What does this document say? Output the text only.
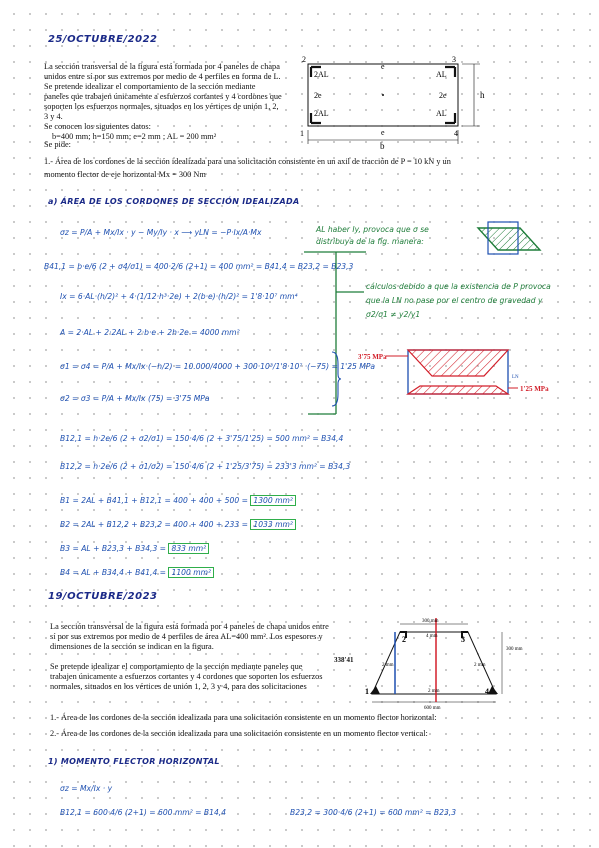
25/OCTUBRE/2022
La sección transversal de la figura está formada por 4 paneles de chapa unidos entre sí por sus extremos por medio de 4 perfiles en forma de L. Se pretende idealizar el comportamiento de la sección mediante paneles que trabajen únicamente a esfuerzos cortantes y 4 cordones que soporten los esfuerzos normales, situados en los vértices de unión 1, 2, 3 y 4.
Se conocen los siguientes datos:
b=400 mm; h=150 mm; e=2 mm ; AL = 200 mm²
Se pide:
1.- Área de los cordones de la sección idealizada para una solicitación consistente en un axil de tracción de P = 10 kN y un momento flector de eje horizontal Mx = 300 Nm
2	3
1	4
e
e
2e	2e
2AL	AL
2AL	AL
h
b
a) ÁREA DE LOS CORDONES DE SECCIÓN IDEALIZADA
σz = P/A + Mx/Ix · y − My/Iy · x ⟶ yLN = −P·Ix/A·Mx	AL haber Iy, provoca que σ se distribuya de la fig. manera:
B41,1 = b·e/6 (2 + σ4/σ1) = 400·2/6 (2+1) = 400 mm² = B41,4 = B23,2 = B23,3
Ix = 6·AL·(h/2)² + 4·(1/12·h³·2e) + 2(b·e)·(h/2)² = 1'8·10⁷ mm⁴
cálculos debido a que la existencia de P provoca que la LN no pase por el centro de gravedad y σ2/σ1 ≠ y2/y1
A = 2·AL + 2·2AL + 2·b·e + 2h·2e = 4000 mm²
σ1 = σ4 = P/A + Mx/Ix·(−h/2) = 10.000/4000 + 300·10³/1'8·10⁷ ·(−75) = 1'25 MPa
σ2 = σ3 = P/A + Mx/Ix (75) = 3'75 MPa
3'75 MPa
1'25 MPa
LN
B12,1 = h·2e/6 (2 + σ2/σ1) = 150·4/6 (2 + 3'75/1'25) = 500 mm² = B34,4
B12,2 = h·2e/6 (2 + σ1/σ2) = 150·4/6 (2 + 1'25/3'75) = 233'3 mm² = B34,3
B1 = 2AL + B41,1 + B12,1 = 400 + 400 + 500 = 1300 mm²
B2 = 2AL + B12,2 + B23,2 = 400 + 400 + 233 = 1033 mm²
B3 = AL + B23,3 + B34,3 = 833 mm²
B4 = AL + B34,4 + B41,4 = 1100 mm²
19/OCTUBRE/2023
La sección transversal de la figura está formada por 4 paneles de chapa unidos entre sí por sus extremos por medio de 4 perfiles de área AL=400 mm². Los espesores y dimensiones de la sección se indican en la figura.

Se pretende idealizar el comportamiento de la sección mediante paneles que trabajen únicamente a esfuerzos cortantes y 4 cordones que soporten los esfuerzos normales, situados en los vértices de unión 1, 2, 3 y 4, para dos solicitaciones
300 mm
4 mm
300 mm
2 mm	2 mm
2 mm
600 mm
2	3
1	4
338'41
1.- Área de los cordones de la sección idealizada para una solicitación consistente en un momento flector horizontal:
2.- Área de los cordones de la sección idealizada para una solicitación consistente en un momento flector vertical:
1) MOMENTO FLECTOR HORIZONTAL
σz = Mx/Ix · y
B12,1 = 600·4/6 (2+1) = 600 mm² = B14,4	B23,2 = 300·4/6 (2+1) = 600 mm² = B23,3
